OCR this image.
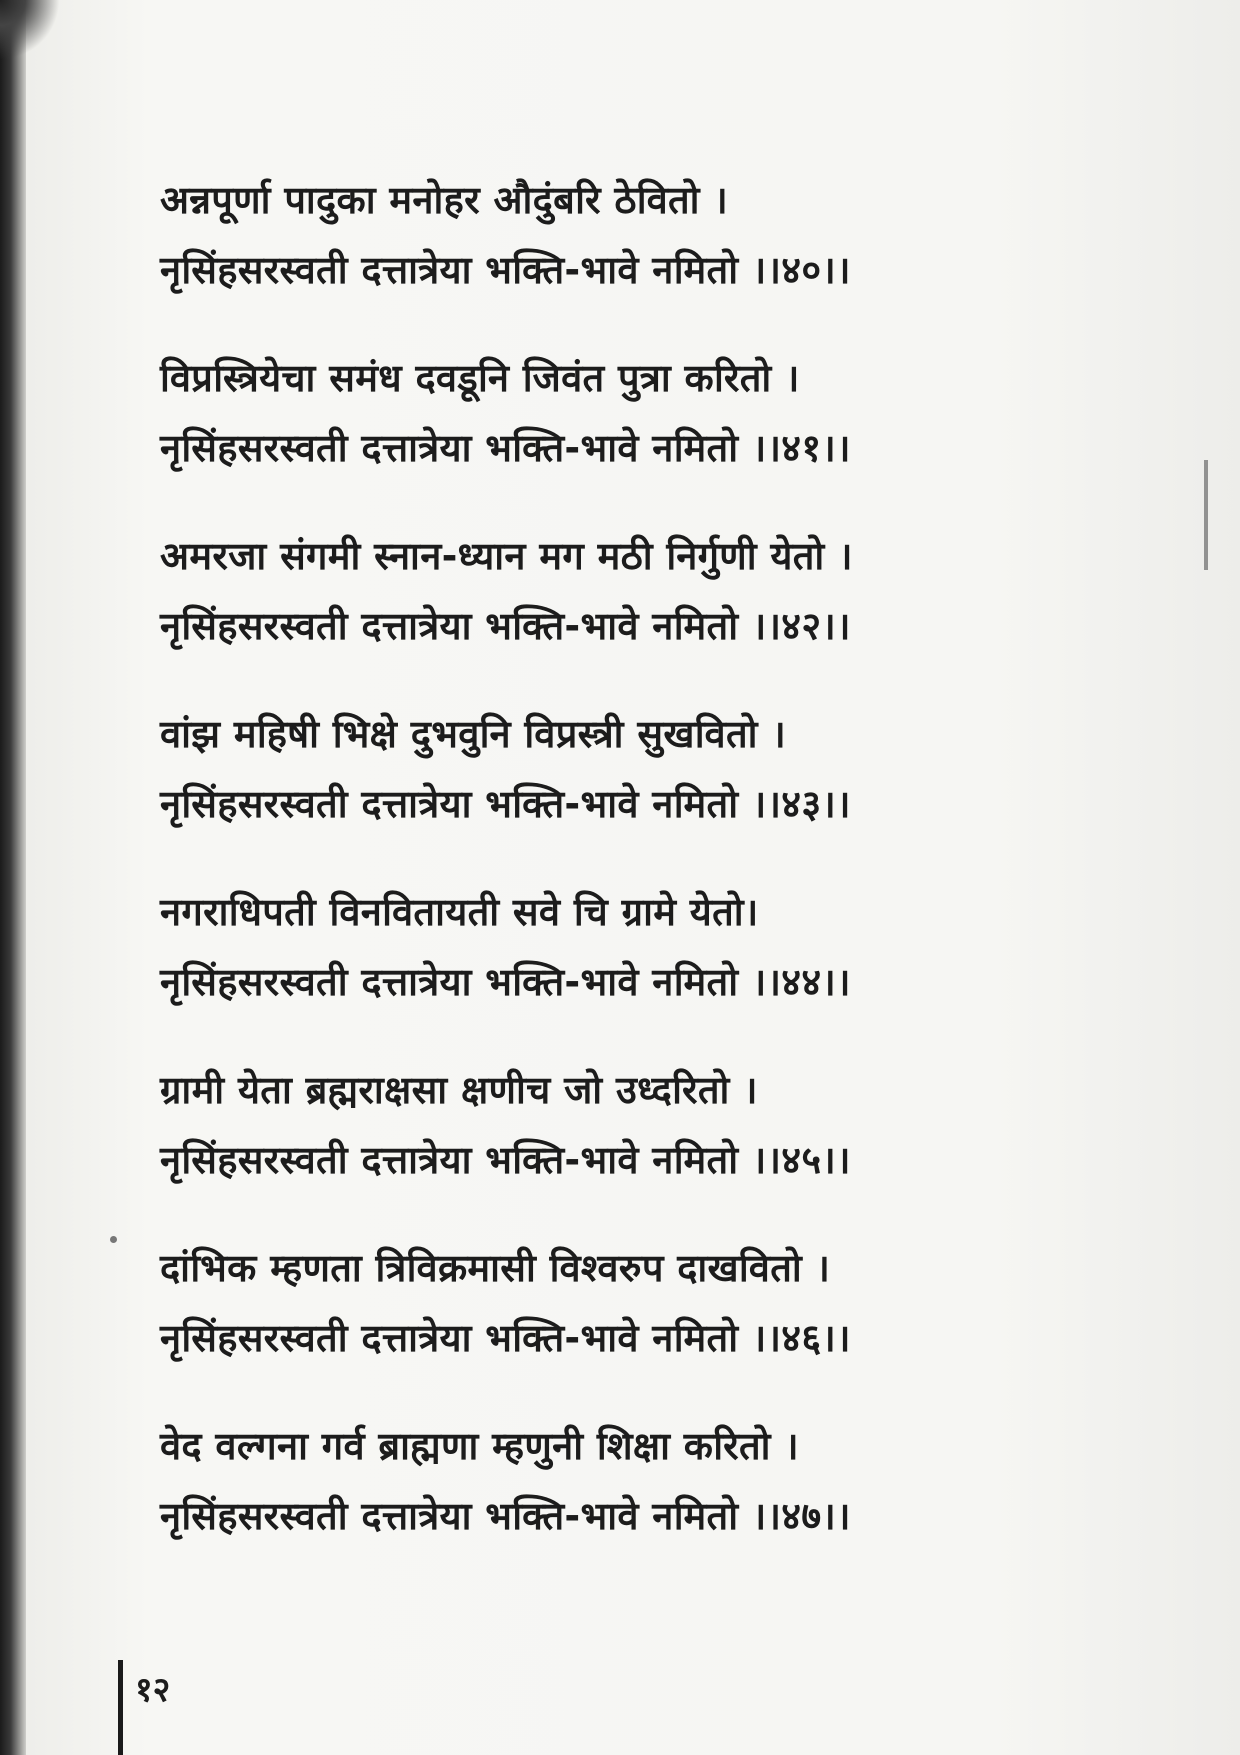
अन्नपूर्णा पादुका मनोहर औदुंबरि ठेवितो ।
नृसिंहसरस्वती दत्तात्रेया भक्ति-भावे नमितो ।।४०।।
विप्रस्त्रियेचा समंध दवडूनि जिवंत पुत्रा करितो ।
नृसिंहसरस्वती दत्तात्रेया भक्ति-भावे नमितो ।।४१।।
अमरजा संगमी स्नान-ध्यान मग मठी निर्गुणी येतो ।
नृसिंहसरस्वती दत्तात्रेया भक्ति-भावे नमितो ।।४२।।
वांझ महिषी भिक्षे दुभवुनि विप्रस्त्री सुखवितो ।
नृसिंहसरस्वती दत्तात्रेया भक्ति-भावे नमितो ।।४३।।
नगराधिपती विनवितायती सवे चि ग्रामे येतो।
नृसिंहसरस्वती दत्तात्रेया भक्ति-भावे नमितो ।।४४।।
ग्रामी येता ब्रह्मराक्षसा क्षणीच जो उध्दरितो ।
नृसिंहसरस्वती दत्तात्रेया भक्ति-भावे नमितो ।।४५।।
दांभिक म्हणता त्रिविक्रमासी विश्वरुप दाखवितो ।
नृसिंहसरस्वती दत्तात्रेया भक्ति-भावे नमितो ।।४६।।
वेद वल्गना गर्व ब्राह्मणा म्हणुनी शिक्षा करितो ।
नृसिंहसरस्वती दत्तात्रेया भक्ति-भावे नमितो ।।४७।।
१२
